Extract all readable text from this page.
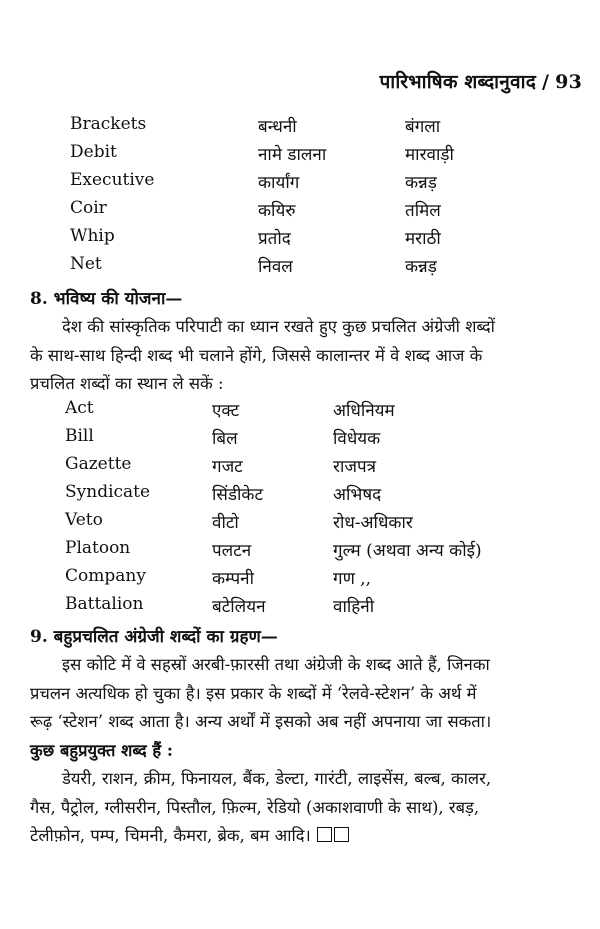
पारिभाषिक शब्दानुवाद / 93
Brackets	बन्धनी	बंगला
Debit	नामे डालना	मारवाड़ी
Executive	कार्यांग	कन्नड़
Coir	कयिरु	तमिल
Whip	प्रतोद	मराठी
Net	निवल	कन्नड़
8. भविष्य की योजना—
देश की सांस्कृतिक परिपाटी का ध्यान रखते हुए कुछ प्रचलित अंग्रेजी शब्दों
के साथ-साथ हिन्दी शब्द भी चलाने होंगे, जिससे कालान्तर में वे शब्द आज के
प्रचलित शब्दों का स्थान ले सकें :
Act	एक्ट	अधिनियम
Bill	बिल	विधेयक
Gazette	गजट	राजपत्र
Syndicate	सिंडीकेट	अभिषद
Veto	वीटो	रोध-अधिकार
Platoon	पलटन	गुल्म (अथवा अन्य कोई)
Company	कम्पनी	गण ,,
Battalion	बटेलियन	वाहिनी
9. बहुप्रचलित अंग्रेजी शब्दों का ग्रहण—
इस कोटि में वे सहस्रों अरबी-फ़ारसी तथा अंग्रेजी के शब्द आते हैं, जिनका
प्रचलन अत्यधिक हो चुका है। इस प्रकार के शब्दों में ‘रेलवे-स्टेशन’ के अर्थ में
रूढ़ ‘स्टेशन’ शब्द आता है। अन्य अर्थों में इसको अब नहीं अपनाया जा सकता।
कुछ बहुप्रयुक्त शब्द हैं :
डेयरी, राशन, क्रीम, फिनायल, बैंक, डेल्टा, गारंटी, लाइसेंस, बल्ब, कालर,
गैस, पैट्रोल, ग्लीसरीन, पिस्तौल, फ़िल्म, रेडियो (अकाशवाणी के साथ), रबड़,
टेलीफ़ोन, पम्प, चिमनी, कैमरा, ब्रेक, बम आदि।
